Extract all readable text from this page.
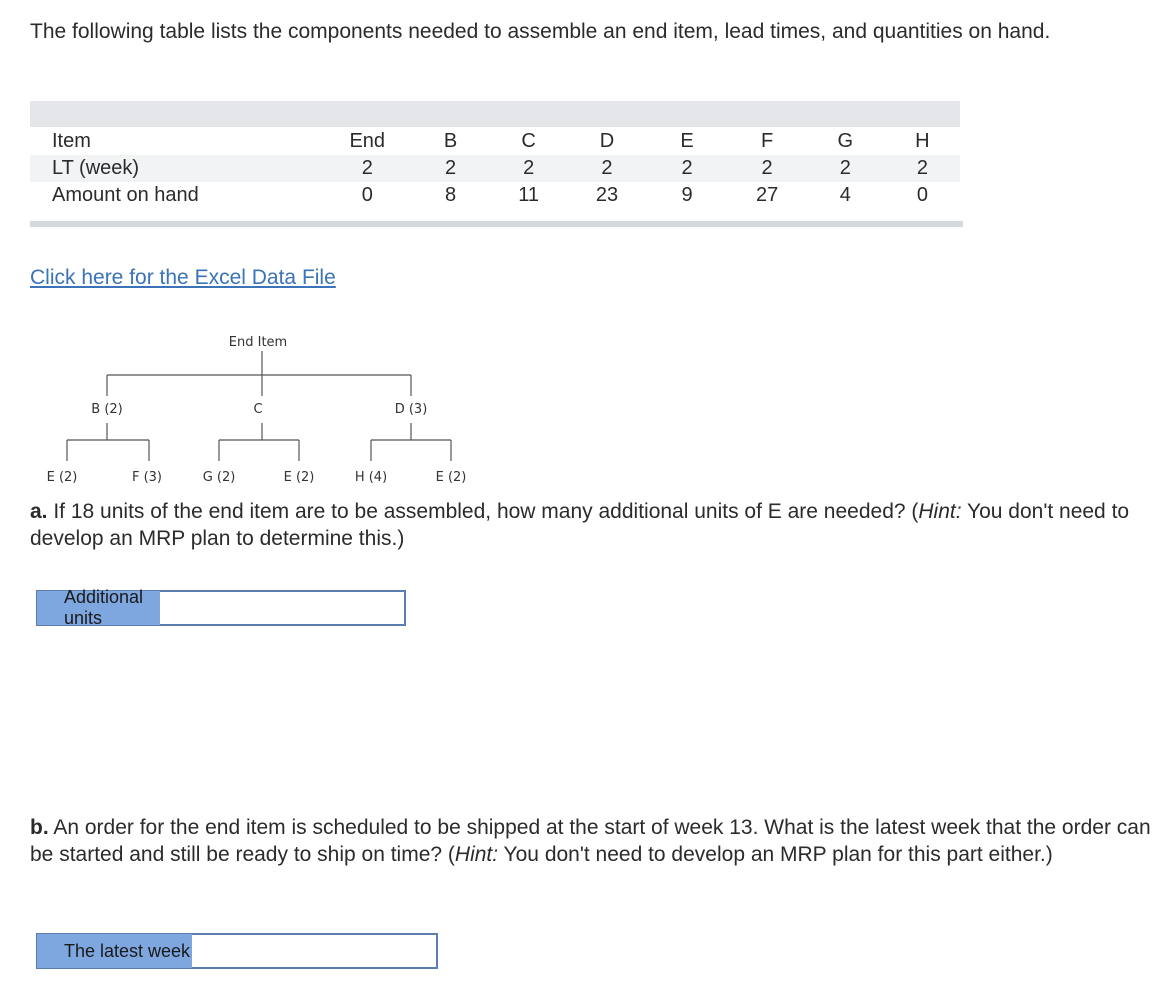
The following table lists the components needed to assemble an end item, lead times, and quantities on hand.
Item	End	B	C	D	E	F	G	H
LT (week)	2	2	2	2	2	2	2	2
Amount on hand	0	8	11	23	9	27	4	0
Click here for the Excel Data File
End Item
B (2)	C	D (3)
E (2)	F (3)	G (2)	E (2)	H (4)	E (2)
a. If 18 units of the end item are to be assembled, how many additional units of E are needed? (Hint: You don't need to develop an MRP plan to determine this.)
Additional units
b. An order for the end item is scheduled to be shipped at the start of week 13. What is the latest week that the order can be started and still be ready to ship on time? (Hint: You don't need to develop an MRP plan for this part either.)
The latest week
